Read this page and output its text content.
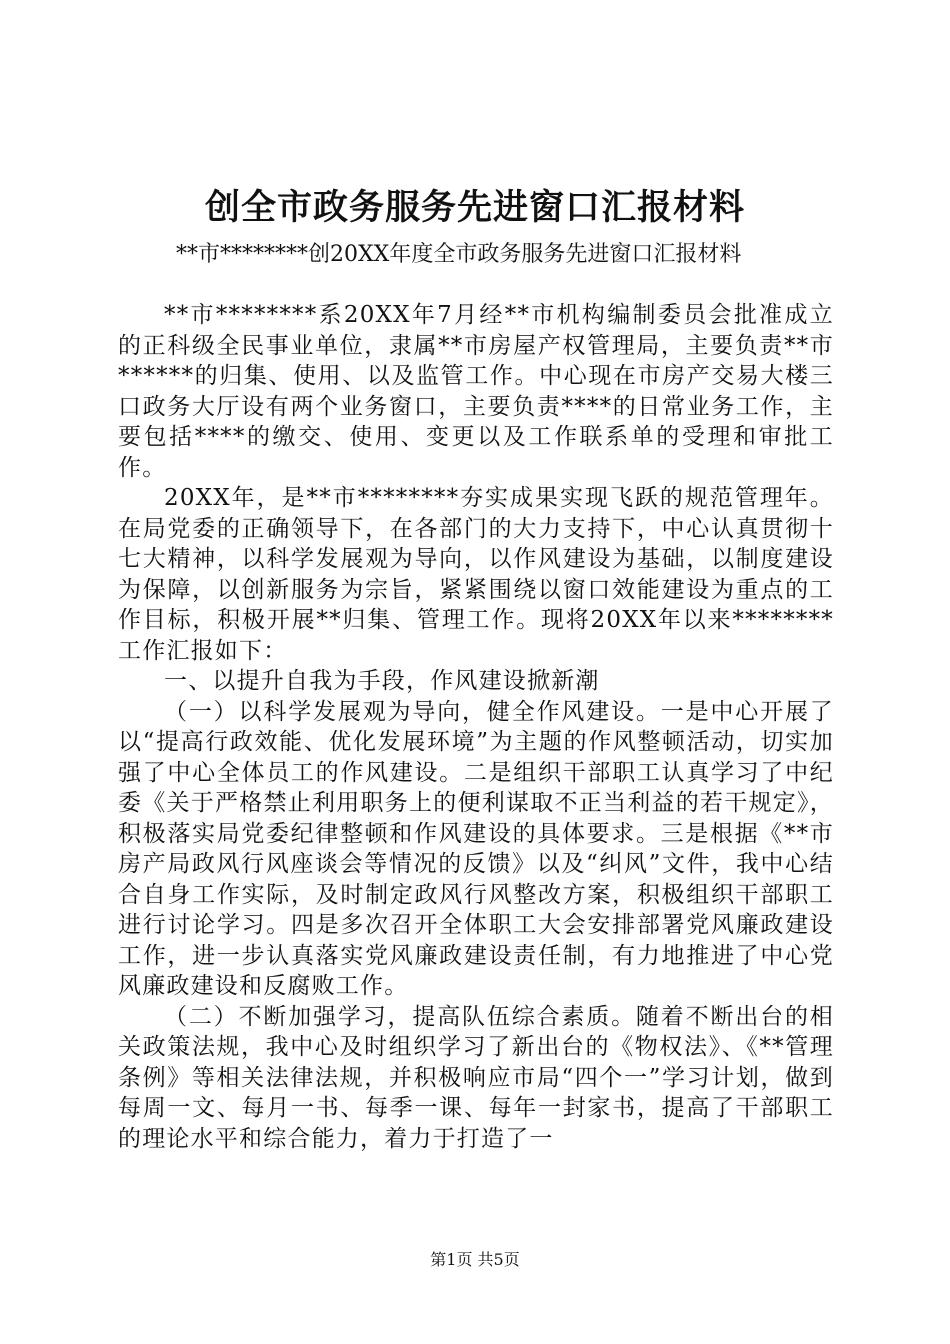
创全市政务服务先进窗口汇报材料
**市********创20XX年度全市政务服务先进窗口汇报材料

**市********系20XX年7月经**市机构编制委员会批准成立的正科级全民事业单位，隶属**市房屋产权管理局，主要负责**市******的归集、使用、以及监管工作。中心现在市房产交易大楼三口政务大厅设有两个业务窗口，主要负责****的日常业务工作，主要包括****的缴交、使用、变更以及工作联系单的受理和审批工作。

20XX年，是**市********夯实成果实现飞跃的规范管理年。在局党委的正确领导下，在各部门的大力支持下，中心认真贯彻十七大精神，以科学发展观为导向，以作风建设为基础，以制度建设为保障，以创新服务为宗旨，紧紧围绕以窗口效能建设为重点的工作目标，积极开展**归集、管理工作。现将20XX年以来********工作汇报如下：

一、以提升自我为手段，作风建设掀新潮

（一）以科学发展观为导向，健全作风建设。一是中心开展了以“提高行政效能、优化发展环境”为主题的作风整顿活动，切实加强了中心全体员工的作风建设。二是组织干部职工认真学习了中纪委《关于严格禁止利用职务上的便利谋取不正当利益的若干规定》，积极落实局党委纪律整顿和作风建设的具体要求。三是根据《**市房产局政风行风座谈会等情况的反馈》以及“纠风”文件，我中心结合自身工作实际，及时制定政风行风整改方案，积极组织干部职工进行讨论学习。四是多次召开全体职工大会安排部署党风廉政建设工作，进一步认真落实党风廉政建设责任制，有力地推进了中心党风廉政建设和反腐败工作。

（二）不断加强学习，提高队伍综合素质。随着不断出台的相关政策法规，我中心及时组织学习了新出台的《物权法》、《**管理条例》等相关法律法规，并积极响应市局“四个一”学习计划，做到每周一文、每月一书、每季一课、每年一封家书，提高了干部职工的理论水平和综合能力，着力于打造了一

第1页 共5页
